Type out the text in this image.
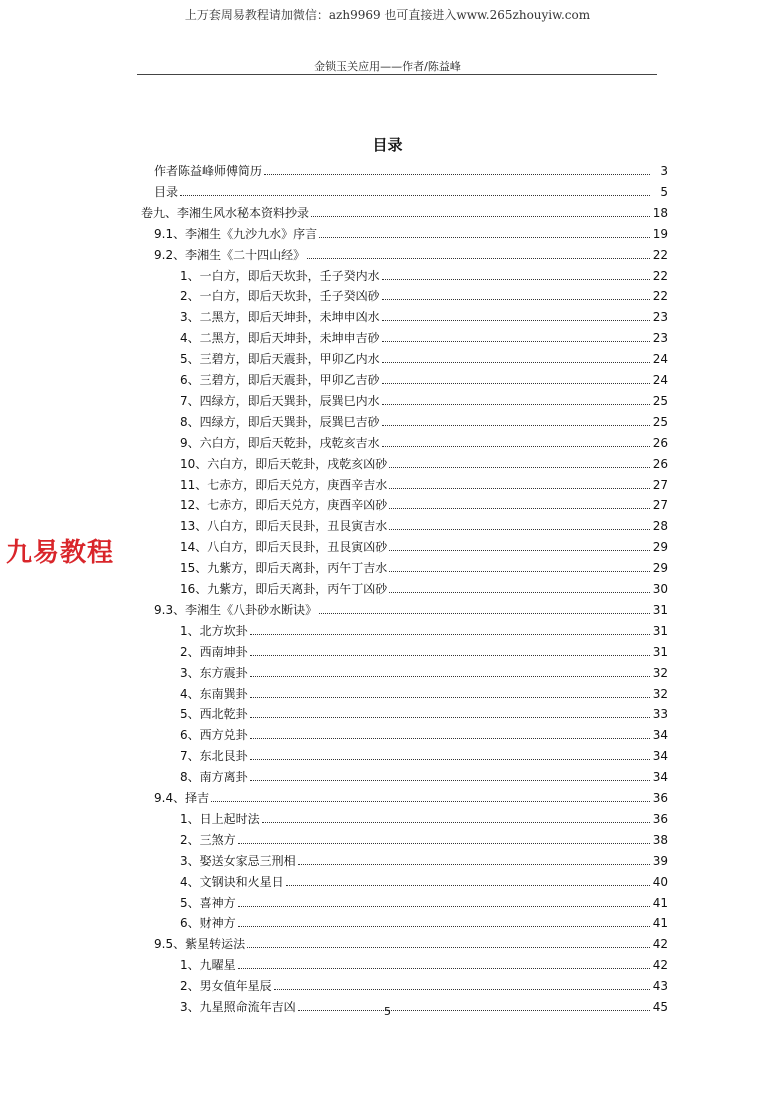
上万套周易教程请加微信：azh9969 也可直接进入www.265zhouyiw.com
金锁玉关应用——作者/陈益峰
目录
作者陈益峰师傅简历	3
目录	5
卷九、李湘生风水秘本资料抄录	18
9.1、李湘生《九沙九水》序言	19
9.2、李湘生《二十四山经》	22
1、一白方，即后天坎卦，壬子癸内水	22
2、一白方，即后天坎卦，壬子癸凶砂	22
3、二黑方，即后天坤卦，未坤申凶水	23
4、二黑方，即后天坤卦，未坤申吉砂	23
5、三碧方，即后天震卦，甲卯乙内水	24
6、三碧方，即后天震卦，甲卯乙吉砂	24
7、四绿方，即后天巽卦，辰巽巳内水	25
8、四绿方，即后天巽卦，辰巽巳吉砂	25
9、六白方，即后天乾卦，戌乾亥吉水	26
10、六白方，即后天乾卦，戌乾亥凶砂	26
11、七赤方，即后天兑方，庚酉辛吉水	27
12、七赤方，即后天兑方，庚酉辛凶砂	27
13、八白方，即后天艮卦，丑艮寅吉水	28
14、八白方，即后天艮卦，丑艮寅凶砂	29
15、九紫方，即后天离卦，丙午丁吉水	29
16、九紫方，即后天离卦，丙午丁凶砂	30
9.3、李湘生《八卦砂水断诀》	31
1、北方坎卦	31
2、西南坤卦	31
3、东方震卦	32
4、东南巽卦	32
5、西北乾卦	33
6、西方兑卦	34
7、东北艮卦	34
8、南方离卦	34
9.4、择吉	36
1、日上起时法	36
2、三煞方	38
3、娶送女家忌三刑相	39
4、文钢诀和火星日	40
5、喜神方	41
6、财神方	41
9.5、紫星转运法	42
1、九曜星	42
2、男女值年星辰	43
3、九星照命流年吉凶	45
九易教程
5
